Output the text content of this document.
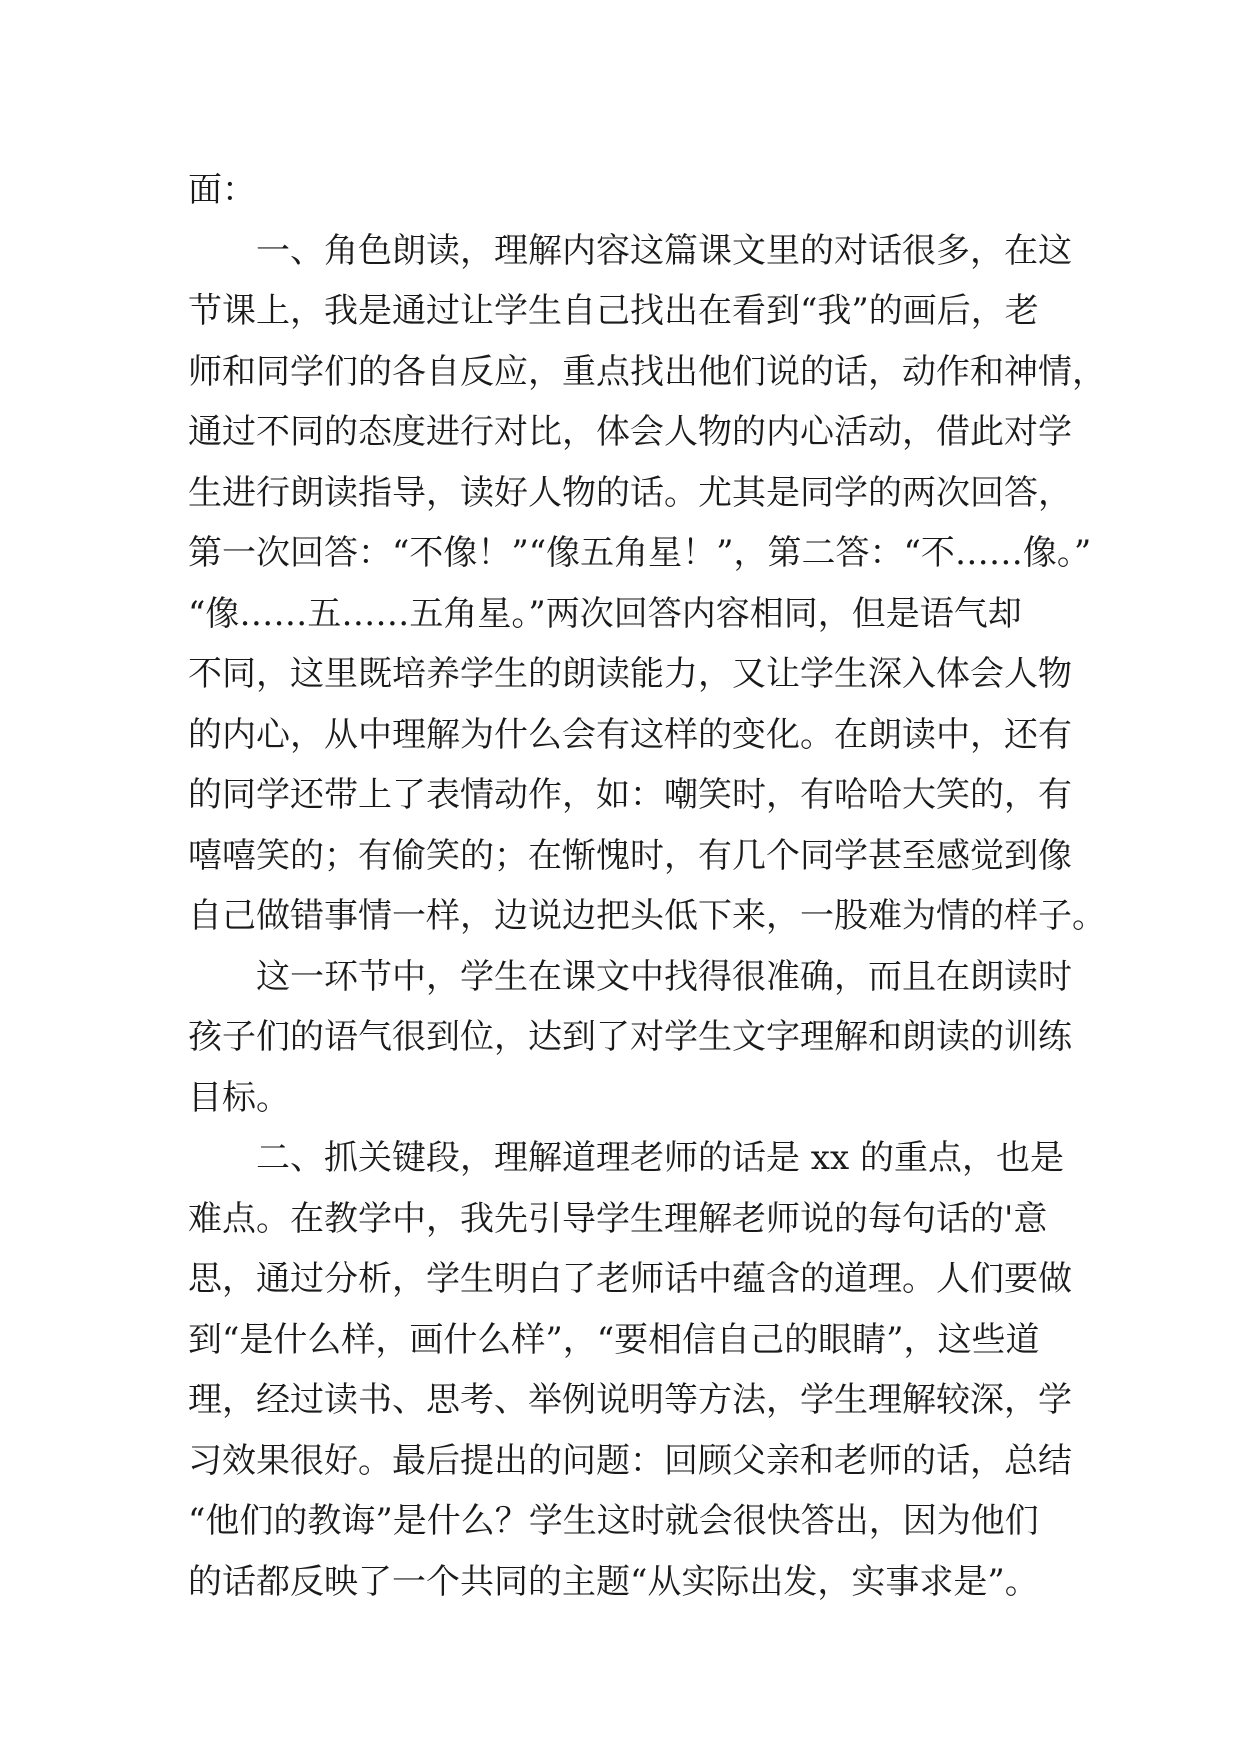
面：
一、角色朗读，理解内容这篇课文里的对话很多，在这
节课上，我是通过让学生自己找出在看到“我”的画后，老
师和同学们的各自反应，重点找出他们说的话，动作和神情，
通过不同的态度进行对比，体会人物的内心活动，借此对学
生进行朗读指导，读好人物的话。尤其是同学的两次回答，
第一次回答：“不像！”“像五角星！”，第二答：“不……像。”
“像……五……五角星。”两次回答内容相同，但是语气却
不同，这里既培养学生的朗读能力，又让学生深入体会人物
的内心，从中理解为什么会有这样的变化。在朗读中，还有
的同学还带上了表情动作，如：嘲笑时，有哈哈大笑的，有
嘻嘻笑的；有偷笑的；在惭愧时，有几个同学甚至感觉到像
自己做错事情一样，边说边把头低下来，一股难为情的样子。
这一环节中，学生在课文中找得很准确，而且在朗读时
孩子们的语气很到位，达到了对学生文字理解和朗读的训练
目标。
二、抓关键段，理解道理老师的话是 xx 的重点，也是
难点。在教学中，我先引导学生理解老师说的每句话的'意
思，通过分析，学生明白了老师话中蕴含的道理。人们要做
到“是什么样，画什么样”，“要相信自己的眼睛”，这些道
理，经过读书、思考、举例说明等方法，学生理解较深，学
习效果很好。最后提出的问题：回顾父亲和老师的话，总结
“他们的教诲”是什么？学生这时就会很快答出，因为他们
的话都反映了一个共同的主题“从实际出发，实事求是”。
